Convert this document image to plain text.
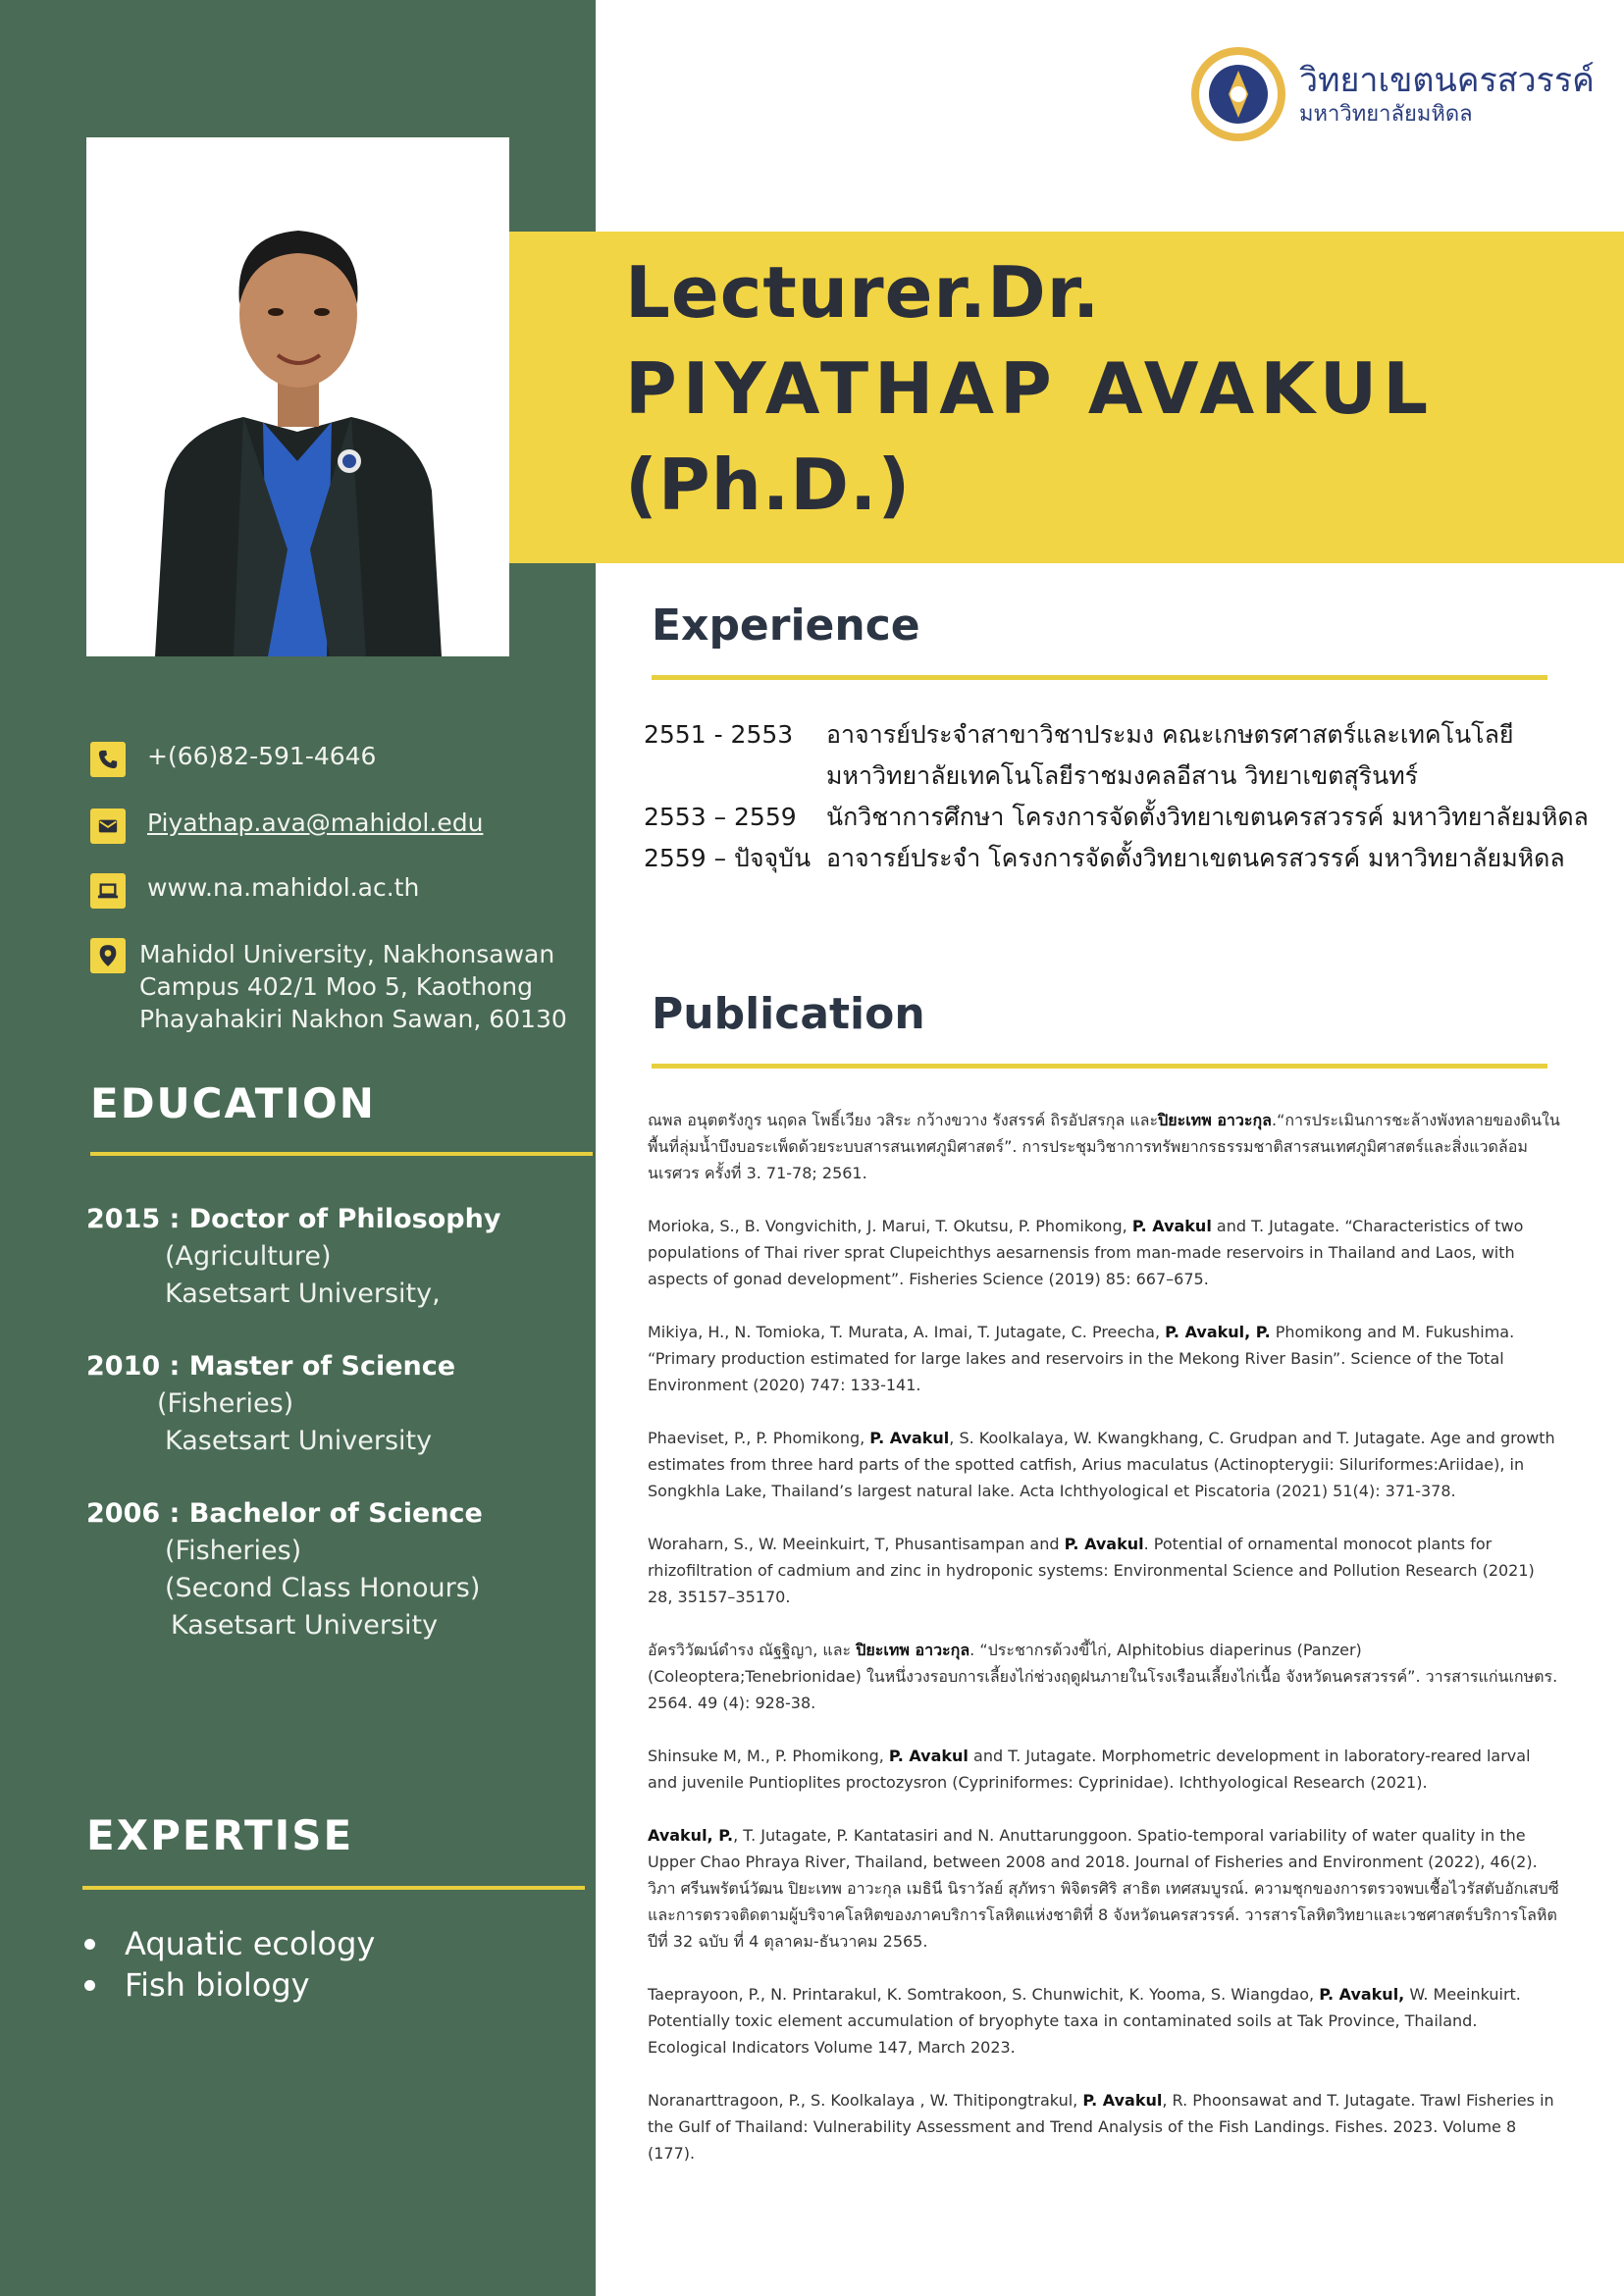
วิทยาเขตนครสวรรค์
มหาวิทยาลัยมหิดล
Lecturer.Dr.
PIYATHAP AVAKUL
(Ph.D.)
Experience
2551 - 2553	อาจารย์ประจำสาขาวิชาประมง คณะเกษตรศาสตร์และเทคโนโลยี
มหาวิทยาลัยเทคโนโลยีราชมงคลอีสาน วิทยาเขตสุรินทร์
2553 – 2559	นักวิชาการศึกษา โครงการจัดตั้งวิทยาเขตนครสวรรค์ มหาวิทยาลัยมหิดล
2559 – ปัจจุบัน อาจารย์ประจำ โครงการจัดตั้งวิทยาเขตนครสวรรค์ มหาวิทยาลัยมหิดล
Publication
ณพล อนุตตรังกูร นฤดล โพธิ์เวียง วสิระ กว้างขวาง รังสรรค์ ถิรอัปสรกุล และปิยะเทพ อาวะกุล.“การประเมินการชะล้างพังทลายของดินในพื้นที่ลุ่มน้ำบึงบอระเพ็ดด้วยระบบสารสนเทศภูมิศาสตร์”. การประชุมวิชาการทรัพยากรธรรมชาติสารสนเทศภูมิศาสตร์และสิ่งแวดล้อม นเรศวร ครั้งที่ 3. 71-78; 2561.
Morioka, S., B. Vongvichith, J. Marui, T. Okutsu, P. Phomikong, P. Avakul and T. Jutagate. “Characteristics of two populations of Thai river sprat Clupeichthys aesarnensis from man-made reservoirs in Thailand and Laos, with aspects of gonad development”. Fisheries Science (2019) 85: 667–675.
Mikiya, H., N. Tomioka, T. Murata, A. Imai, T. Jutagate, C. Preecha, P. Avakul, P. Phomikong and M. Fukushima. “Primary production estimated for large lakes and reservoirs in the Mekong River Basin”. Science of the Total Environment (2020) 747: 133-141.
Phaeviset, P., P. Phomikong, P. Avakul, S. Koolkalaya, W. Kwangkhang, C. Grudpan and T. Jutagate. Age and growth estimates from three hard parts of the spotted catfish, Arius maculatus (Actinopterygii: Siluriformes:Ariidae), in Songkhla Lake, Thailand’s largest natural lake. Acta Ichthyological et Piscatoria (2021) 51(4): 371-378.
Woraharn, S., W. Meeinkuirt, T, Phusantisampan and P. Avakul. Potential of ornamental monocot plants for rhizofiltration of cadmium and zinc in hydroponic systems: Environmental Science and Pollution Research (2021) 28, 35157–35170.
อัครวิวัฒน์ดำรง ณัฐฐิญา, และ ปิยะเทพ อาวะกุล. “ประชากรด้วงขี้ไก่, Alphitobius diaperinus (Panzer) (Coleoptera;Tenebrionidae) ในหนึ่งวงรอบการเลี้ยงไก่ช่วงฤดูฝนภายในโรงเรือนเลี้ยงไก่เนื้อ จังหวัดนครสวรรค์”. วารสารแก่นเกษตร. 2564. 49 (4): 928-38.
Shinsuke M, M., P. Phomikong, P. Avakul and T. Jutagate. Morphometric development in laboratory-reared larval and juvenile Puntioplites proctozysron (Cypriniformes: Cyprinidae). Ichthyological Research (2021).
Avakul, P., T. Jutagate, P. Kantatasiri and N. Anuttarunggoon. Spatio-temporal variability of water quality in the Upper Chao Phraya River, Thailand, between 2008 and 2018. Journal of Fisheries and Environment (2022), 46(2). วิภา ศรีนพรัตน์วัฒน ปิยะเทพ อาวะกุล เมธินี นิราวัลย์ สุภัทรา พิจิตรศิริ สาธิต เทศสมบูรณ์. ความชุกของการตรวจพบเชื้อไวรัสตับอักเสบซีและการตรวจติดตามผู้บริจาคโลหิตของภาคบริการโลหิตแห่งชาติที่ 8 จังหวัดนครสวรรค์. วารสารโลหิตวิทยาและเวชศาสตร์บริการโลหิต ปีที่ 32 ฉบับ ที่ 4 ตุลาคม-ธันวาคม 2565.
Taeprayoon, P., N. Printarakul, K. Somtrakoon, S. Chunwichit, K. Yooma, S. Wiangdao, P. Avakul, W. Meeinkuirt. Potentially toxic element accumulation of bryophyte taxa in contaminated soils at Tak Province, Thailand. Ecological Indicators Volume 147, March 2023.
Noranarttragoon, P., S. Koolkalaya , W. Thitipongtrakul, P. Avakul, R. Phoonsawat and T. Jutagate. Trawl Fisheries in the Gulf of Thailand: Vulnerability Assessment and Trend Analysis of the Fish Landings. Fishes. 2023. Volume 8 (177).
+(66)82-591-4646
Piyathap.ava@mahidol.edu
www.na.mahidol.ac.th
Mahidol University, Nakhonsawan
Campus 402/1 Moo 5, Kaothong
Phayahakiri Nakhon Sawan, 60130
EDUCATION
2015 : Doctor of Philosophy
(Agriculture)
Kasetsart University,
2010 : Master of Science
(Fisheries)
Kasetsart University
2006 : Bachelor of Science
(Fisheries)
(Second Class Honours)
Kasetsart University
EXPERTISE
Aquatic ecology
Fish biology
